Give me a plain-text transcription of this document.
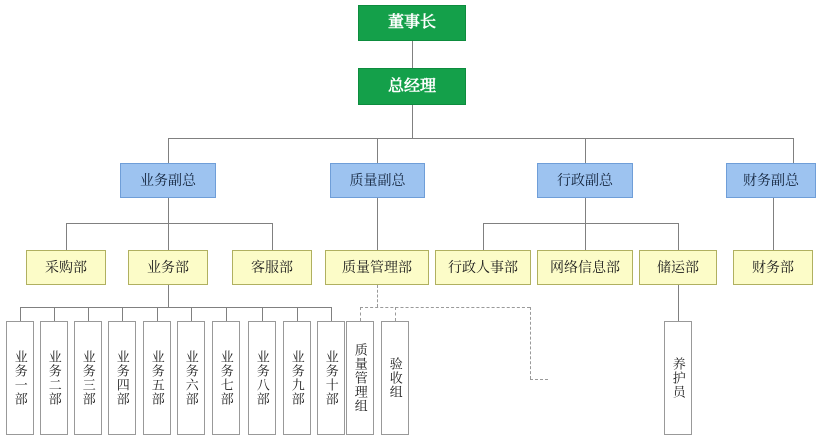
董事长
总经理
业务副总	质量副总	行政副总	财务副总
采购部	业务部	客服部	质量管理部	行政人事部 网络信息部	储运部	财务部
业务一部 业务二部 业务三部 业务四部 业务五部 业务六部 业务七部 业务八部 业务九部 业务十部 质量管理组 验收组	养护员
